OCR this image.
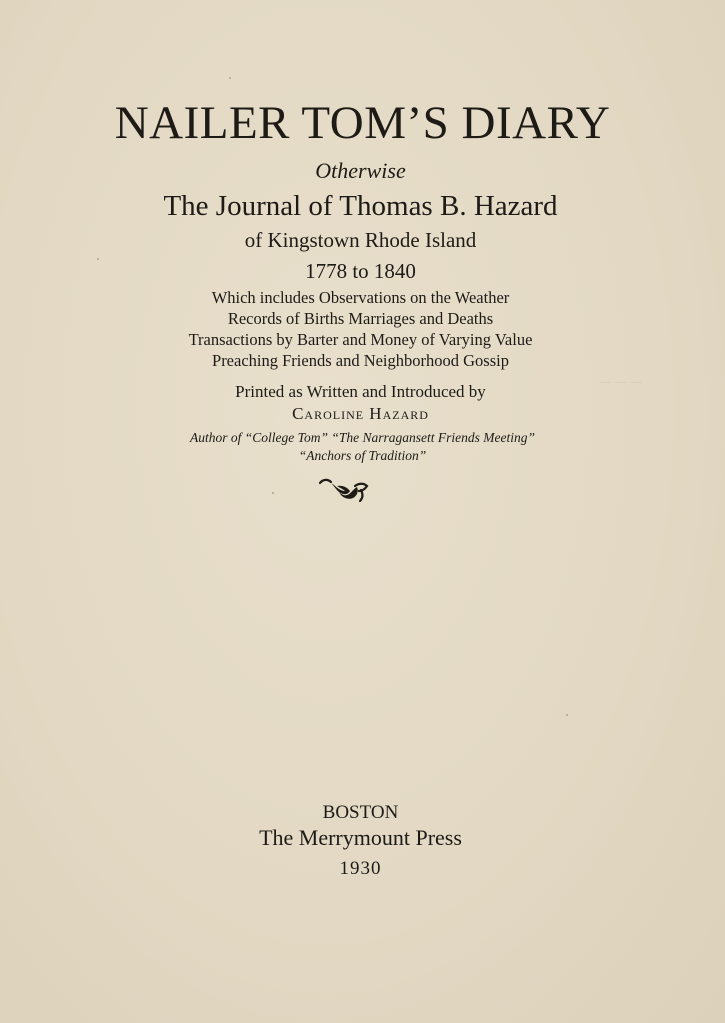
NAILER TOM’S DIARY
Otherwise
The Journal of Thomas B. Hazard
of Kingstown Rhode Island
1778 to 1840
Which includes Observations on the Weather
Records of Births Marriages and Deaths
Transactions by Barter and Money of Varying Value
Preaching Friends and Neighborhood Gossip
Printed as Written and Introduced by
Caroline Hazard
Author of “College Tom” “The Narragansett Friends Meeting”
“Anchors of Tradition”
BOSTON
The Merrymount Press
1930
│ │ │
